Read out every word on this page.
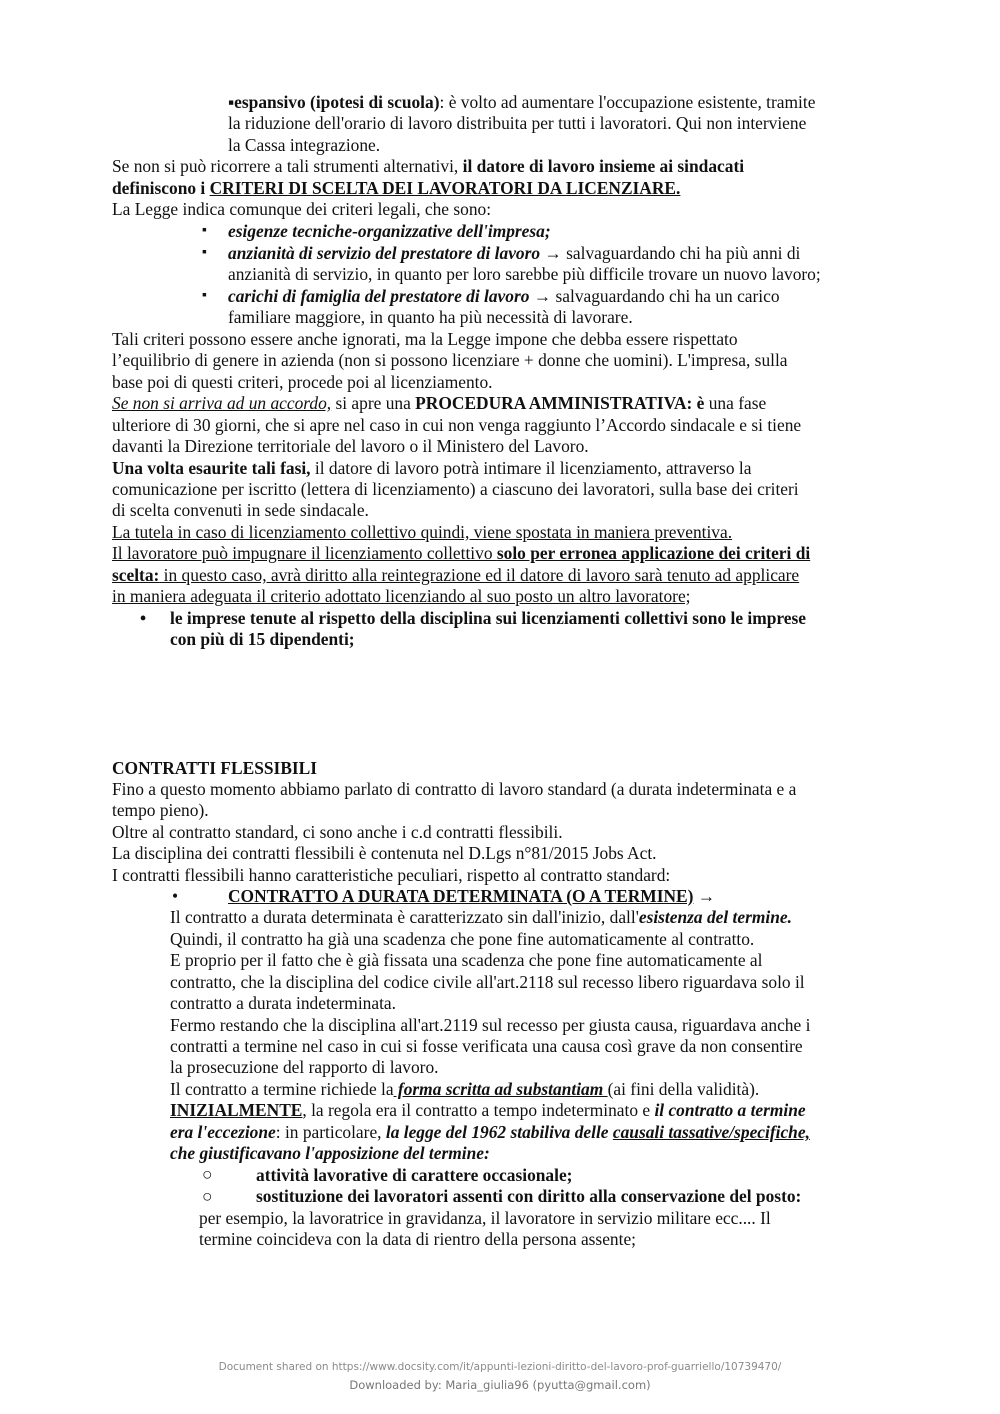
▪espansivo (ipotesi di scuola): è volto ad aumentare l'occupazione esistente, tramite
la riduzione dell'orario di lavoro distribuita per tutti i lavoratori. Qui non interviene
la Cassa integrazione.
Se non si può ricorrere a tali strumenti alternativi, il datore di lavoro insieme ai sindacati
definiscono i CRITERI DI SCELTA DEI LAVORATORI DA LICENZIARE.
La Legge indica comunque dei criteri legali, che sono:
▪ esigenze tecniche-organizzative dell'impresa;
▪ anzianità di servizio del prestatore di lavoro → salvaguardando chi ha più anni di
anzianità di servizio, in quanto per loro sarebbe più difficile trovare un nuovo lavoro;
▪ carichi di famiglia del prestatore di lavoro → salvaguardando chi ha un carico
familiare maggiore, in quanto ha più necessità di lavorare.
Tali criteri possono essere anche ignorati, ma la Legge impone che debba essere rispettato
l’equilibrio di genere in azienda (non si possono licenziare + donne che uomini). L'impresa, sulla
base poi di questi criteri, procede poi al licenziamento.
Se non si arriva ad un accordo, si apre una PROCEDURA AMMINISTRATIVA: è una fase
ulteriore di 30 giorni, che si apre nel caso in cui non venga raggiunto l’Accordo sindacale e si tiene
davanti la Direzione territoriale del lavoro o il Ministero del Lavoro.
Una volta esaurite tali fasi, il datore di lavoro potrà intimare il licenziamento, attraverso la
comunicazione per iscritto (lettera di licenziamento) a ciascuno dei lavoratori, sulla base dei criteri
di scelta convenuti in sede sindacale.
La tutela in caso di licenziamento collettivo quindi, viene spostata in maniera preventiva.
Il lavoratore può impugnare il licenziamento collettivo solo per erronea applicazione dei criteri di
scelta: in questo caso, avrà diritto alla reintegrazione ed il datore di lavoro sarà tenuto ad applicare
in maniera adeguata il criterio adottato licenziando al suo posto un altro lavoratore;
• le imprese tenute al rispetto della disciplina sui licenziamenti collettivi sono le imprese
con più di 15 dipendenti;
CONTRATTI FLESSIBILI
Fino a questo momento abbiamo parlato di contratto di lavoro standard (a durata indeterminata e a
tempo pieno).
Oltre al contratto standard, ci sono anche i c.d contratti flessibili.
La disciplina dei contratti flessibili è contenuta nel D.Lgs n°81/2015 Jobs Act.
I contratti flessibili hanno caratteristiche peculiari, rispetto al contratto standard:
•	CONTRATTO A DURATA DETERMINATA (O A TERMINE) →
Il contratto a durata determinata è caratterizzato sin dall'inizio, dall'esistenza del termine.
Quindi, il contratto ha già una scadenza che pone fine automaticamente al contratto.
E proprio per il fatto che è già fissata una scadenza che pone fine automaticamente al
contratto, che la disciplina del codice civile all'art.2118 sul recesso libero riguardava solo il
contratto a durata indeterminata.
Fermo restando che la disciplina all'art.2119 sul recesso per giusta causa, riguardava anche i
contratti a termine nel caso in cui si fosse verificata una causa così grave da non consentire
la prosecuzione del rapporto di lavoro.
Il contratto a termine richiede la forma scritta ad substantiam (ai fini della validità).
INIZIALMENTE, la regola era il contratto a tempo indeterminato e il contratto a termine
era l'eccezione: in particolare, la legge del 1962 stabiliva delle causali tassative/specifiche,
che giustificavano l'apposizione del termine:
○ attività lavorative di carattere occasionale;
○ sostituzione dei lavoratori assenti con diritto alla conservazione del posto:
per esempio, la lavoratrice in gravidanza, il lavoratore in servizio militare ecc.... Il
termine coincideva con la data di rientro della persona assente;
Document shared on https://www.docsity.com/it/appunti-lezioni-diritto-del-lavoro-prof-guarriello/10739470/
Downloaded by: Maria_giulia96 (pyutta@gmail.com)
